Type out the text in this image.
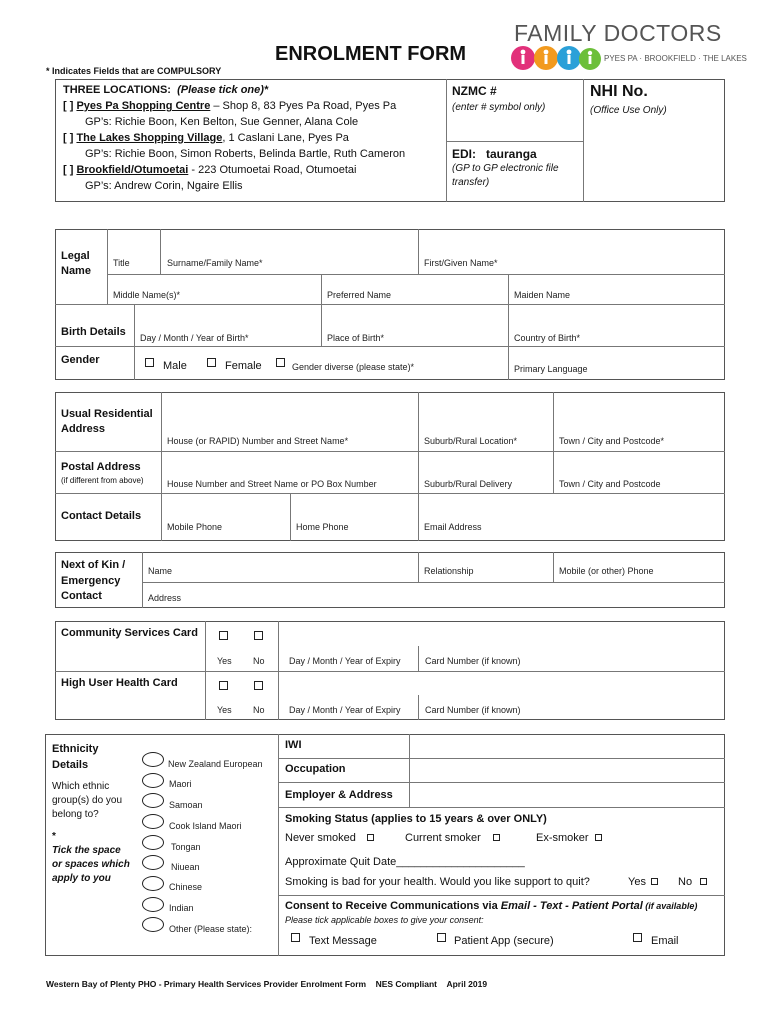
ENROLMENT FORM
* Indicates Fields that are COMPULSORY
FAMILY DOCTORS
PYES PA · BROOKFIELD · THE LAKES
THREE LOCATIONS: (Please tick one)*
[ ] Pyes Pa Shopping Centre – Shop 8, 83 Pyes Pa Road, Pyes Pa
GP’s: Richie Boon, Ken Belton, Sue Genner, Alana Cole
[ ] The Lakes Shopping Village, 1 Caslani Lane, Pyes Pa
GP’s: Richie Boon, Simon Roberts, Belinda Bartle, Ruth Cameron
[ ] Brookfield/Otumoetai - 223 Otumoetai Road, Otumoetai
GP’s: Andrew Corin, Ngaire Ellis
NZMC #
(enter # symbol only)
EDI: tauranga
(GP to GP electronic file
transfer)
NHI No.
(Office Use Only)
Legal
Name
Title	Surname/Family Name*	First/Given Name*
Middle Name(s)*	Preferred Name	Maiden Name
Birth Details Day / Month / Year of Birth*	Place of Birth*	Country of Birth*
Gender	Male	Female	Gender diverse (please state)*	Primary Language
Usual Residential
Address
House (or RAPID) Number and Street Name*	Suburb/Rural Location*	Town / City and Postcode*
Postal Address
(if different from above)	House Number and Street Name or PO Box Number	Suburb/Rural Delivery	Town / City and Postcode
Contact Details
Mobile Phone	Home Phone	Email Address
Next of Kin /
Emergency
Contact
Name	Relationship	Mobile (or other) Phone
Address
Community Services Card
Yes No	Day / Month / Year of Expiry	Card Number (if known)
High User Health Card
Yes No	Day / Month / Year of Expiry	Card Number (if known)
Ethnicity
Details
Which ethnic
group(s) do you
belong to?
*
Tick the space
or spaces which
apply to you
New Zealand European
Maori
Samoan
Cook Island Maori
Tongan
Niuean
Chinese
Indian
Other (Please state):
IWI
Occupation
Employer & Address
Smoking Status (applies to 15 years & over ONLY)
Never smoked	Current smoker	Ex-smoker
Approximate Quit Date_____________________
Smoking is bad for your health. Would you like support to quit?	Yes	No
Consent to Receive Communications via Email - Text - Patient Portal (if available)
Please tick applicable boxes to give your consent:
Text Message	Patient App (secure)	Email
Western Bay of Plenty PHO - Primary Health Services Provider Enrolment Form NES Compliant April 2019
